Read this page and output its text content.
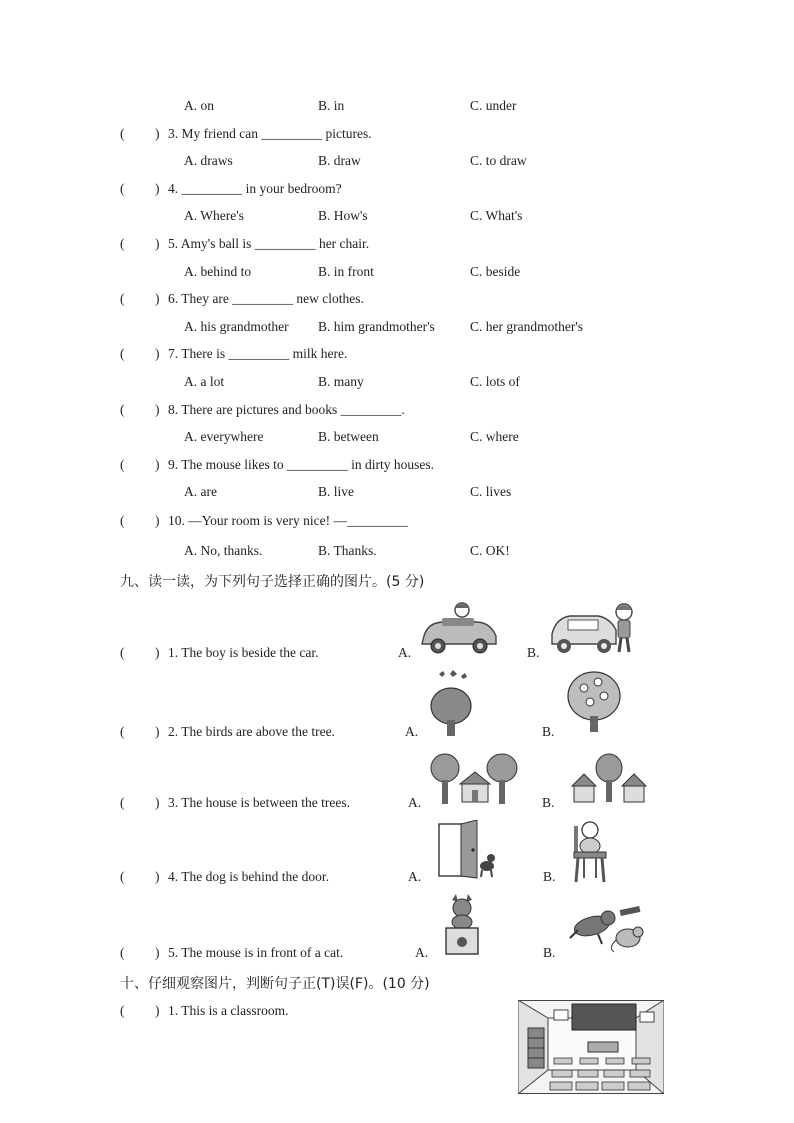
A. on	B. in	C. under
( ) 3. My friend can _________ pictures.
A. draws	B. draw	C. to draw
( ) 4. _________ in your bedroom?
A. Where's	B. How's	C. What's
( ) 5. Amy's ball is _________ her chair.
A. behind to	B. in front	C. beside
( ) 6. They are _________ new clothes.
A. his grandmother B. him grandmother's	C. her grandmother's
( ) 7. There is _________ milk here.
A. a lot	B. many	C. lots of
( ) 8. There are pictures and books _________.
A. everywhere	B. between	C. where
( ) 9. The mouse likes to _________ in dirty houses.
A. are	B. live	C. lives
( ) 10. —Your room is very nice! —_________
A. No, thanks.	B. Thanks.	C. OK!
九、读一读，为下列句子选择正确的图片。(5 分)
( ) 1. The boy is beside the car.	A.	B.
( ) 2. The birds are above the tree.	A.	B.
( ) 3. The house is between the trees.	A.	B.
( ) 4. The dog is behind the door.	A.	B.
( ) 5. The mouse is in front of a cat.	A.	B.
十、仔细观察图片，判断句子正(T)误(F)。(10 分)
( ) 1. This is a classroom.
